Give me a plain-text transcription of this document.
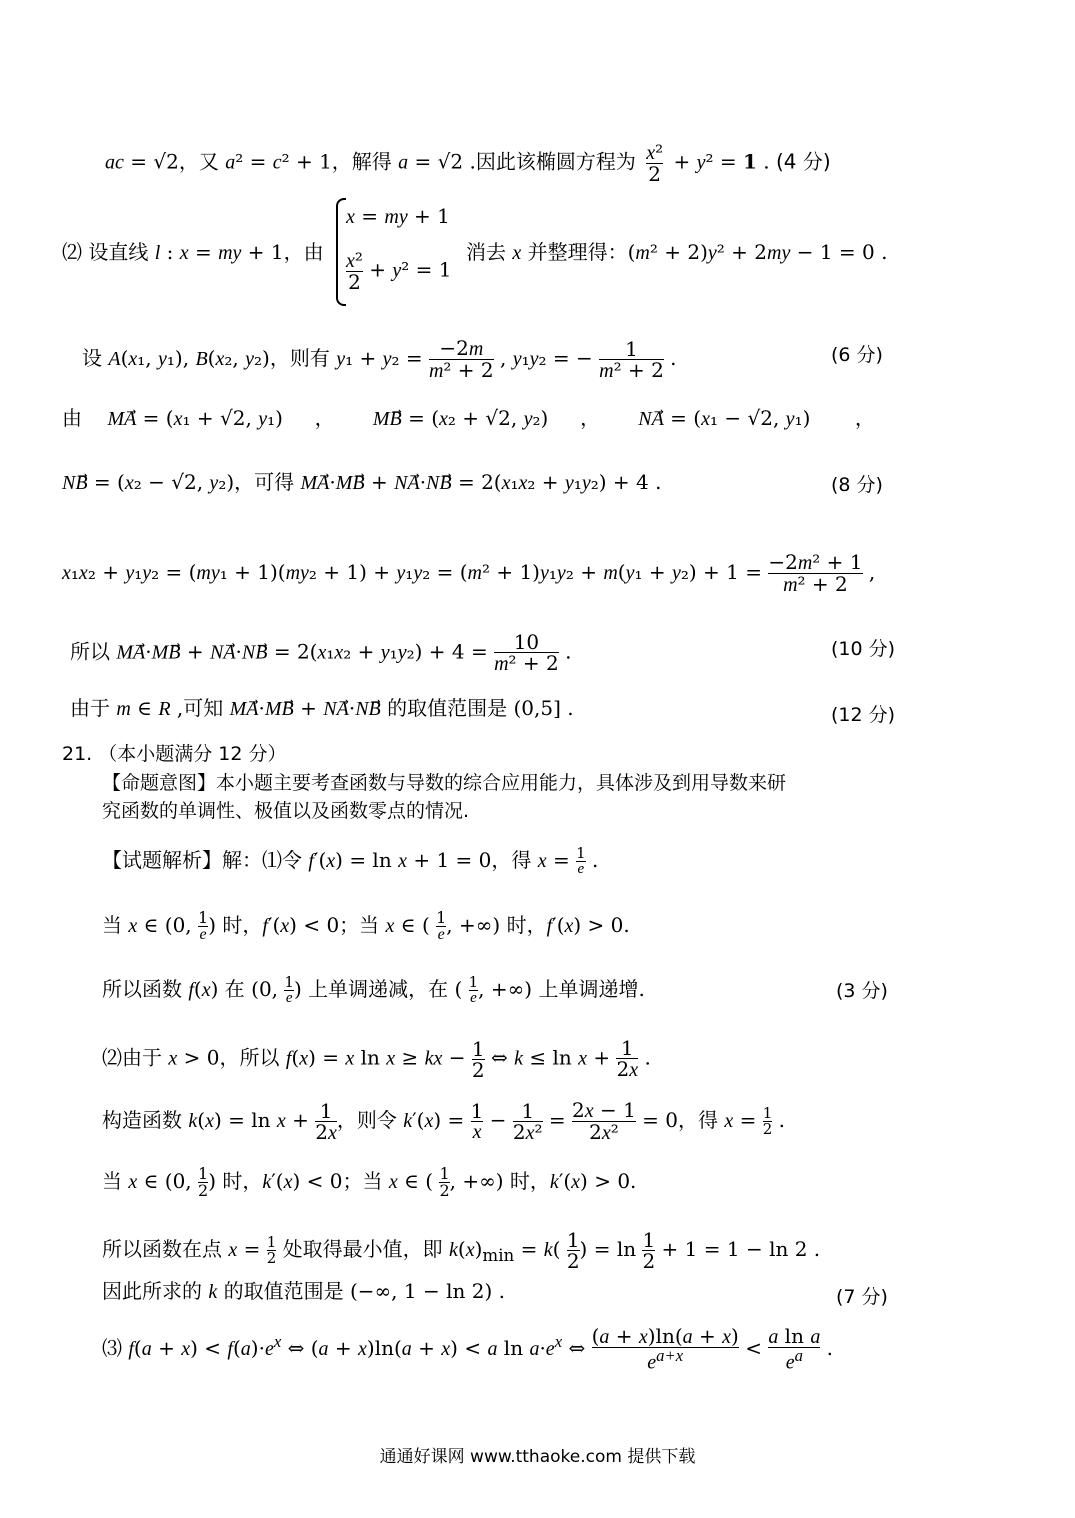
ac = √2，又 a² = c² + 1，解得 a = √2 .因此该椭圆方程为 x²

2
+ y² = 1 . (4 分)
⑵ 设直线 l : x = my + 1，由
x = my + 1
x²

2
+ y² = 1
消去 x 并整理得：(m² + 2)y² + 2my − 1 = 0 .
设 A(x₁, y₁), B(x₂, y₂)，则有 y₁ + y₂ = −2m

m² + 2 , y₁y₂ = − 1

m² + 2 .	(6 分)
由    MA⃗ = (x₁ + √2, y₁)     ，      MB⃗ = (x₂ + √2, y₂)     ，      NA⃗ = (x₁ − √2, y₁)       ，
NB⃗ = (x₂ − √2, y₂)，可得 MA⃗·MB⃗ + NA⃗·NB⃗ = 2(x₁x₂ + y₁y₂) + 4 .	(8 分)
x₁x₂ + y₁y₂ = (my₁ + 1)(my₂ + 1) + y₁y₂ = (m² + 1)y₁y₂ + m(y₁ + y₂) + 1 = −2m² + 1

m² + 2 ,
所以 MA⃗·MB⃗ + NA⃗·NB⃗ = 2(x₁x₂ + y₁y₂) + 4 = 10

m² + 2 .	(10 分)
由于 m ∈ R ,可知 MA⃗·MB⃗ + NA⃗·NB⃗ 的取值范围是 (0,5] .	(12 分)
21. （本小题满分 12 分）
【命题意图】本小题主要考查函数与导数的综合应用能力，具体涉及到用导数来研
究函数的单调性、极值以及函数零点的情况.
【试题解析】解：⑴令 f′(x) = ln x + 1 = 0，得 x = 1

e .
当 x ∈ (0, 1

e ) 时，f′(x) < 0；当 x ∈ ( 1

e , +∞) 时，f′(x) > 0.
所以函数 f(x) 在 (0, 1

e ) 上单调递减，在 ( 1

e , +∞) 上单调递增.	(3 分)
⑵由于 x > 0，所以 f(x) = x ln x ≥ kx − 1

2 ⇔ k ≤ ln x + 1

2x
.
构造函数 k(x) = ln x + 1

2x
，则令 k′(x) = 1

x − 1

2x² = 2x − 1

2x² = 0，得 x = 1

2 .
当 x ∈ (0, 1

2 ) 时，k′(x) < 0；当 x ∈ ( 1

2 , +∞) 时，k′(x) > 0.
所以函数在点 x = 1

2 处取得最小值，即 $k(x)_{min} = k$( 1

2 ) = ln 1

2 + 1 = 1 − ln 2 .
因此所求的 k 的取值范围是 (−∞, 1 − ln 2) .	(7 分)
⑶ $f(a + x) < f(a)\cdot e^x$ ⇔ (a + x)ln(a + x) < a $\ln a\cdot e^x$ ⇔ (a + x)ln(a + x)

$e^{a+x}$	< a ln a

$e^a$ .
通通好课网 www.tthaoke.com 提供下载
